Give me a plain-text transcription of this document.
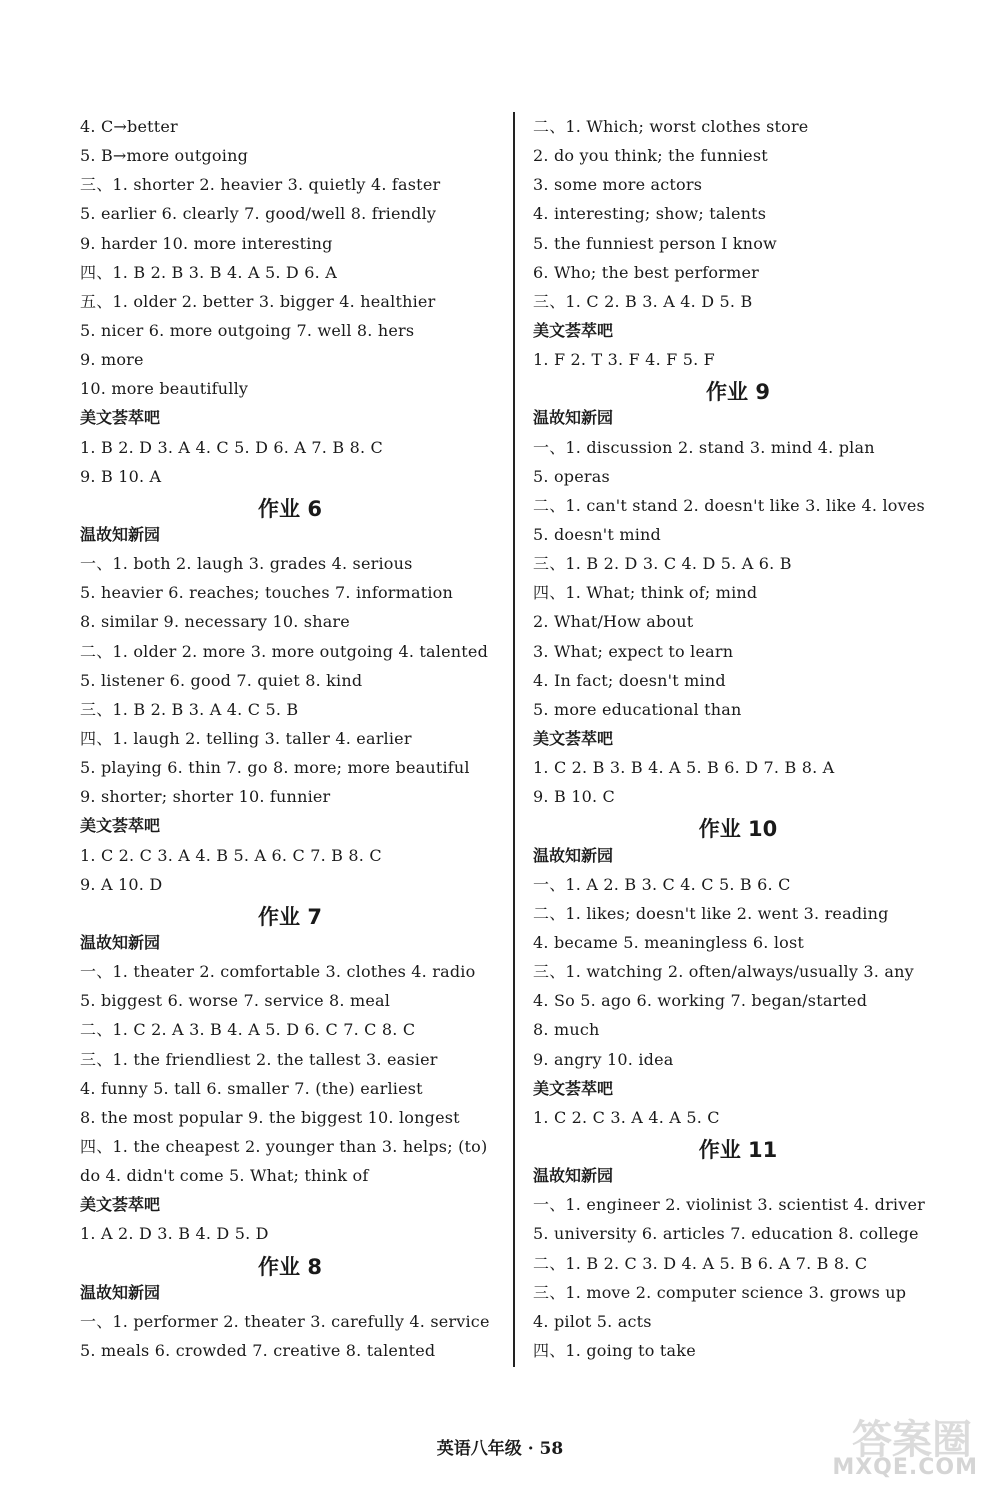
4. C→better
5. B→more outgoing
三、1. shorter 2. heavier 3. quietly 4. faster
5. earlier 6. clearly 7. good/well 8. friendly
9. harder 10. more interesting
四、1. B 2. B 3. B 4. A 5. D 6. A
五、1. older 2. better 3. bigger 4. healthier
5. nicer 6. more outgoing 7. well 8. hers
9. more
10. more beautifully
美文荟萃吧
1. B 2. D 3. A 4. C 5. D 6. A 7. B 8. C
9. B 10. A
作业 6
温故知新园
一、1. both 2. laugh 3. grades 4. serious
5. heavier 6. reaches; touches 7. information
8. similar 9. necessary 10. share
二、1. older 2. more 3. more outgoing 4. talented
5. listener 6. good 7. quiet 8. kind
三、1. B 2. B 3. A 4. C 5. B
四、1. laugh 2. telling 3. taller 4. earlier
5. playing 6. thin 7. go 8. more; more beautiful
9. shorter; shorter 10. funnier
美文荟萃吧
1. C 2. C 3. A 4. B 5. A 6. C 7. B 8. C
9. A 10. D
作业 7
温故知新园
一、1. theater 2. comfortable 3. clothes 4. radio
5. biggest 6. worse 7. service 8. meal
二、1. C 2. A 3. B 4. A 5. D 6. C 7. C 8. C
三、1. the friendliest 2. the tallest 3. easier
4. funny 5. tall 6. smaller 7. (the) earliest
8. the most popular 9. the biggest 10. longest
四、1. the cheapest 2. younger than 3. helps; (to)
do 4. didn't come 5. What; think of
美文荟萃吧
1. A 2. D 3. B 4. D 5. D
作业 8
温故知新园
一、1. performer 2. theater 3. carefully 4. service
5. meals 6. crowded 7. creative 8. talented
二、1. Which; worst clothes store
2. do you think; the funniest
3. some more actors
4. interesting; show; talents
5. the funniest person I know
6. Who; the best performer
三、1. C 2. B 3. A 4. D 5. B
美文荟萃吧
1. F 2. T 3. F 4. F 5. F
作业 9
温故知新园
一、1. discussion 2. stand 3. mind 4. plan
5. operas
二、1. can't stand 2. doesn't like 3. like 4. loves
5. doesn't mind
三、1. B 2. D 3. C 4. D 5. A 6. B
四、1. What; think of; mind
2. What/How about
3. What; expect to learn
4. In fact; doesn't mind
5. more educational than
美文荟萃吧
1. C 2. B 3. B 4. A 5. B 6. D 7. B 8. A
9. B 10. C
作业 10
温故知新园
一、1. A 2. B 3. C 4. C 5. B 6. C
二、1. likes; doesn't like 2. went 3. reading
4. became 5. meaningless 6. lost
三、1. watching 2. often/always/usually 3. any
4. So 5. ago 6. working 7. began/started
8. much
9. angry 10. idea
美文荟萃吧
1. C 2. C 3. A 4. A 5. C
作业 11
温故知新园
一、1. engineer 2. violinist 3. scientist 4. driver
5. university 6. articles 7. education 8. college
二、1. B 2. C 3. D 4. A 5. B 6. A 7. B 8. C
三、1. move 2. computer science 3. grows up
4. pilot 5. acts
四、1. going to take
英语八年级 · 58	答案圈
MXQE.COM
